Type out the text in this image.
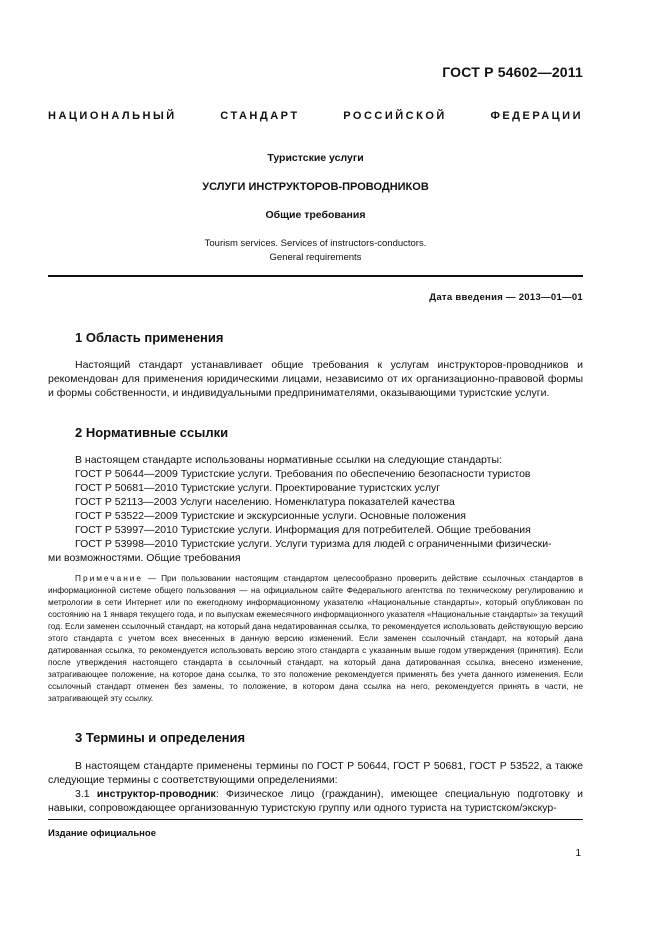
ГОСТ Р 54602—2011
НАЦИОНАЛЬНЫЙ	СТАНДАРТ	РОССИЙСКОЙ	ФЕДЕРАЦИИ
Туристские услуги
УСЛУГИ ИНСТРУКТОРОВ-ПРОВОДНИКОВ
Общие требования
Tourism services. Services of instructors-conductors.
General requirements
Дата введения — 2013—01—01
1 Область применения
Настоящий стандарт устанавливает общие требования к услугам инструкторов-проводников и рекомендован для применения юридическими лицами, независимо от их организационно-правовой формы и формы собственности, и индивидуальными предпринимателями, оказывающими туристские услуги.
2 Нормативные ссылки
В настоящем стандарте использованы нормативные ссылки на следующие стандарты:
ГОСТ Р 50644—2009 Туристские услуги. Требования по обеспечению безопасности туристов
ГОСТ Р 50681—2010 Туристские услуги. Проектирование туристских услуг
ГОСТ Р 52113—2003 Услуги населению. Номенклатура показателей качества
ГОСТ Р 53522—2009 Туристские и экскурсионные услуги. Основные положения
ГОСТ Р 53997—2010 Туристские услуги. Информация для потребителей. Общие требования
ГОСТ Р 53998—2010 Туристские услуги. Услуги туризма для людей с ограниченными физически-
ми возможностями. Общие требования
Примечание — При пользовании настоящим стандартом целесообразно проверить действие ссылочных стандартов в информационной системе общего пользования — на официальном сайте Федерального агентства по техническому регулированию и метрологии в сети Интернет или по ежегодному информационному указателю «Национальные стандарты», который опубликован по состоянию на 1 января текущего года, и по выпускам ежемесячного информационного указателя «Национальные стандарты» за текущий год. Если заменен ссылочный стандарт, на который дана недатированная ссылка, то рекомендуется использовать действующую версию этого стандарта с учетом всех внесенных в данную версию изменений. Если заменен ссылочный стандарт, на который дана датированная ссылка, то рекомендуется использовать версию этого стандарта с указанным выше годом утверждения (принятия). Если после утверждения настоящего стандарта в ссылочный стандарт, на который дана датированная ссылка, внесено изменение, затрагивающее положение, на которое дана ссылка, то это положение рекомендуется применять без учета данного изменения. Если ссылочный стандарт отменен без замены, то положение, в котором дана ссылка на него, рекомендуется принять в части, не затрагивающей эту ссылку.
3 Термины и определения
В настоящем стандарте применены термины по ГОСТ Р 50644, ГОСТ Р 50681, ГОСТ Р 53522, а также следующие термины с соответствующими определениями:
3.1 инструктор-проводник: Физическое лицо (гражданин), имеющее специальную подготовку и навыки, сопровождающее организованную туристскую группу или одного туриста на туристском/экскур-
Издание официальное
1
